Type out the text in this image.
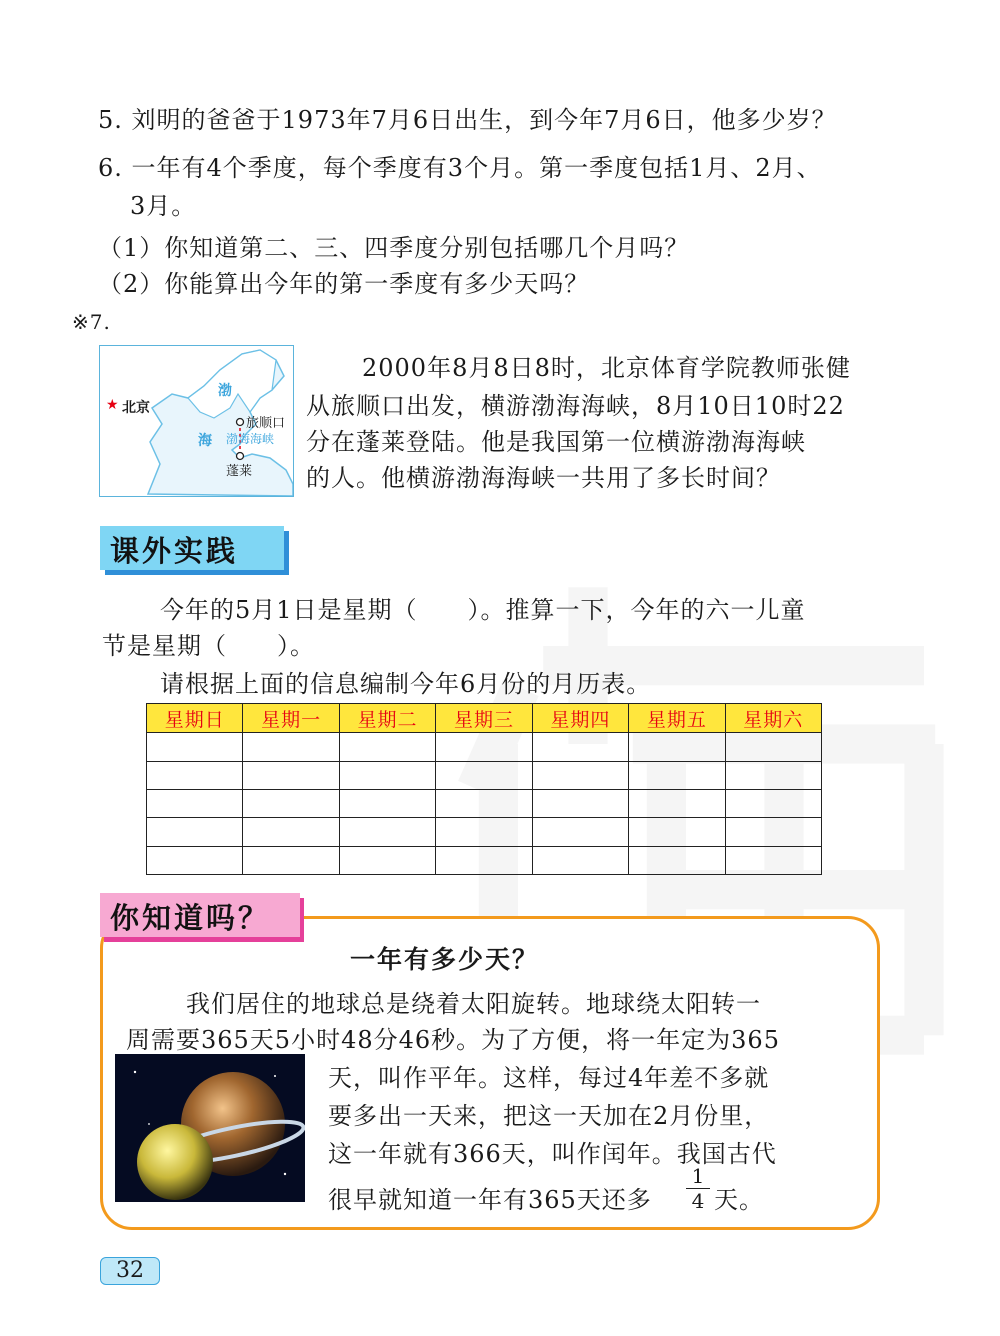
5. 刘明的爸爸于1973年7月6日出生，到今年7月6日，他多少岁？
6. 一年有4个季度，每个季度有3个月。第一季度包括1月、2月、
3月。
（1）你知道第二、三、四季度分别包括哪几个月吗？
（2）你能算出今年的第一季度有多少天吗？
※7.
★ 北京
渤
海 渤海海峡
旅顺口
蓬莱
2000年8月8日8时，北京体育学院教师张健
从旅顺口出发，横游渤海海峡，8月10日10时22
分在蓬莱登陆。他是我国第一位横游渤海海峡
的人。他横游渤海海峡一共用了多长时间？
课外实践
今年的5月1日是星期（　　）。推算一下，今年的六一儿童
节是星期（　　）。
请根据上面的信息编制今年6月份的月历表。
星期日	星期一	星期二	星期三	星期四	星期五	星期六

你知道吗？
一年有多少天？
我们居住的地球总是绕着太阳旋转。地球绕太阳转一
周需要365天5小时48分46秒。为了方便，将一年定为365
天，叫作平年。这样，每过4年差不多就
要多出一天来，把这一天加在2月份里，
这一年就有366天，叫作闰年。我国古代
很早就知道一年有365天还多 $\frac{1}{4}$ 天。
32
